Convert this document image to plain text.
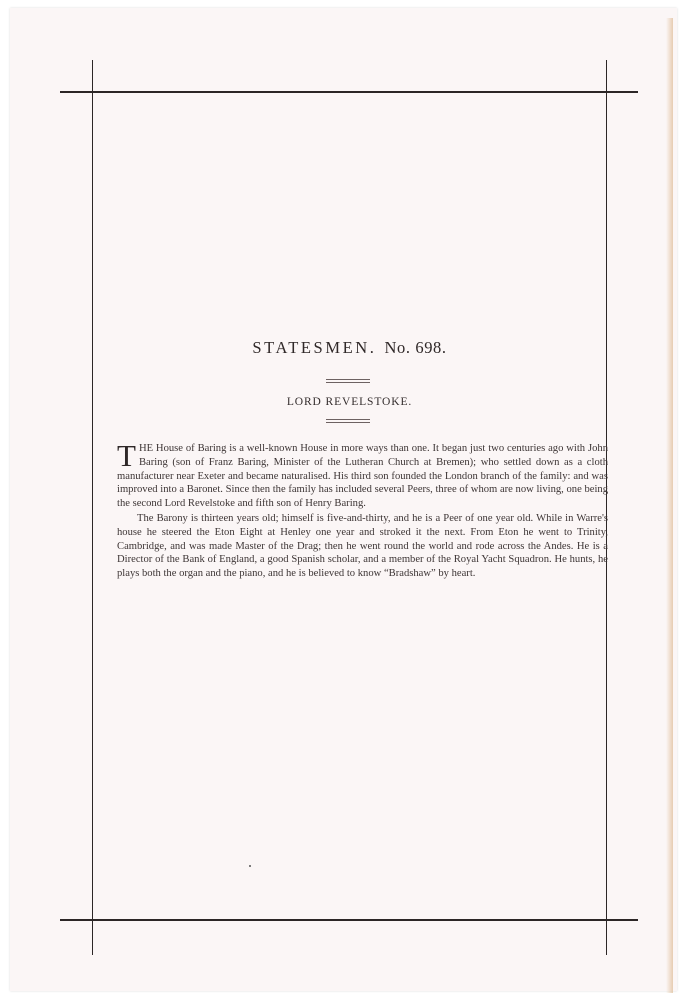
STATESMEN. No. 698.
LORD REVELSTOKE.

THE House of Baring is a well-known House in more ways than one. It began just two centuries ago with John Baring (son of Franz Baring, Minister of the Lutheran Church at Bremen); who settled down as a cloth manufacturer near Exeter and became naturalised. His third son founded the London branch of the family: and was improved into a Baronet. Since then the family has included several Peers, three of whom are now living, one being the second Lord Revelstoke and fifth son of Henry Baring.

The Barony is thirteen years old; himself is five-and-thirty, and he is a Peer of one year old. While in Warre's house he steered the Eton Eight at Henley one year and stroked it the next. From Eton he went to Trinity, Cambridge, and was made Master of the Drag; then he went round the world and rode across the Andes. He is a Director of the Bank of England, a good Spanish scholar, and a member of the Royal Yacht Squadron. He hunts, he plays both the organ and the piano, and he is believed to know “Bradshaw” by heart.
